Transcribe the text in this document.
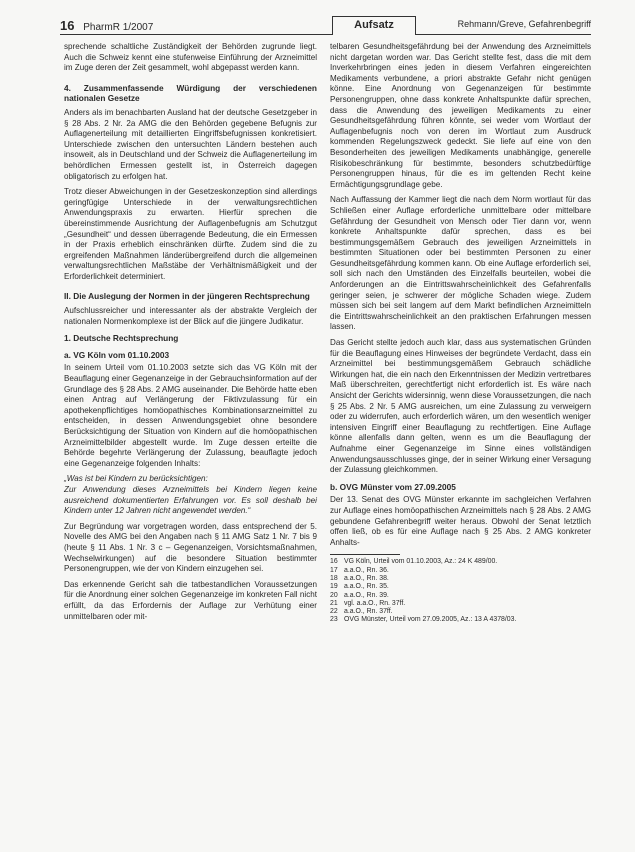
16 PharmR 1/2007	Aufsatz	Rehmann/Greve, Gefahrenbegriff

sprechende schaltliche Zuständigkeit der Behörden zugrunde liegt. Auch die Schweiz kennt eine stufenweise Einführung der Arzneimittel im Zuge deren der Zeit gesammelt, wohl abgepasst werden kann.

4. Zusammenfassende Würdigung der verschiedenen nationalen Gesetze

Anders als im benachbarten Ausland hat der deutsche Gesetzgeber in § 28 Abs. 2 Nr. 2a AMG die den Behörden gegebene Befugnis zur Auflagenerteilung mit detaillierten Eingriffsbefugnissen konkretisiert. Unterschiede zwischen den untersuchten Ländern bestehen auch insoweit, als in Deutschland und der Schweiz die Auflagenerteilung im behördlichen Ermessen gestellt ist, in Österreich dagegen obligatorisch zu erfolgen hat.

Trotz dieser Abweichungen in der Gesetzeskonzeption sind allerdings geringfügige Unterschiede in der verwaltungsrechtlichen Anwendungspraxis zu erwarten. Hierfür sprechen die übereinstimmende Ausrichtung der Auflagenbefugnis am Schutzgut „Gesundheit“ und dessen überragende Bedeutung, die ein Ermessen in der Praxis erheblich einschränken dürfte. Zudem sind die zu ergreifenden Maßnahmen länderübergreifend durch die allgemeinen verwaltungsrechtlichen Maßstäbe der Verhältnismäßigkeit und der Erforderlichkeit determiniert.

II. Die Auslegung der Normen in der jüngeren Rechtsprechung

Aufschlussreicher und interessanter als der abstrakte Vergleich der nationalen Normenkomplexe ist der Blick auf die jüngere Judikatur.

1. Deutsche Rechtsprechung
a. VG Köln vom 01.10.2003

In seinem Urteil vom 01.10.2003 setzte sich das VG Köln mit der Beauflagung einer Gegenanzeige in der Gebrauchsinformation auf der Grundlage des § 28 Abs. 2 AMG auseinander. Die Behörde hatte eben einen Antrag auf Verlängerung der Fiktivzulassung für ein apothekenpflichtiges homöopathisches Kombinationsarzneimittel zu entscheiden, in dessen Anwendungsgebiet ohne besondere Berücksichtigung der Situation von Kindern auf die homöopathischen Arzneimittelbilder abgestellt wurde. Im Zuge dessen erteilte die Behörde begehrte Verlängerung der Zulassung, beauflagte jedoch eine Gegenanzeige folgenden Inhalts:

„Was ist bei Kindern zu berücksichtigen:

Zur Anwendung dieses Arzneimittels bei Kindern liegen keine ausreichend dokumentierten Erfahrungen vor. Es soll deshalb bei Kindern unter 12 Jahren nicht angewendet werden.“

Zur Begründung war vorgetragen worden, dass entsprechend der 5. Novelle des AMG bei den Angaben nach § 11 AMG Satz 1 Nr. 7 bis 9 (heute § 11 Abs. 1 Nr. 3 c – Gegenanzeigen, Vorsichtsmaßnahmen, Wechselwirkungen) auf die besondere Situation bestimmter Personengruppen, wie der von Kindern einzugehen sei.

Das erkennende Gericht sah die tatbestandlichen Voraussetzungen für die Anordnung einer solchen Gegenanzeige im konkreten Fall nicht erfüllt, da das Erfordernis der Auflage zur Verhütung einer unmittelbaren oder mit-

telbaren Gesundheitsgefährdung bei der Anwendung des Arzneimittels nicht dargetan worden war. Das Gericht stellte fest, dass die mit dem Inverkehrbringen eines jeden in diesem Verfahren eingereichten Medikaments verbundene, a priori abstrakte Gefahr nicht genügen könne. Eine Anordnung von Gegenanzeigen für bestimmte Personengruppen, ohne dass konkrete Anhaltspunkte dafür sprechen, dass die Anwendung des jeweiligen Medikaments zu einer Gesundheitsgefährdung führen könnte, sei weder vom Wortlaut der Auflagenbefugnis noch von deren im Wortlaut zum Ausdruck kommenden Regelungszweck gedeckt. Sie liefe auf eine von den Besonderheiten des jeweiligen Medikaments unabhängige, generelle Risikobeschränkung für bestimmte, besonders schutzbedürftige Personengruppen hinaus, für die es im geltenden Recht keine Ermächtigungsgrundlage gebe.

Nach Auffassung der Kammer liegt die nach dem Norm wortlaut für das Schließen einer Auflage erforderliche unmittelbare oder mittelbare Gefährdung der Gesundheit von Mensch oder Tier dann vor, wenn konkrete Anhaltspunkte dafür sprechen, dass es bei bestimmungsgemäßem Gebrauch des jeweiligen Arzneimittels in bestimmten Situationen oder bei bestimmten Personen zu einer Gesundheitsgefährdung kommen kann. Ob eine Auflage erforderlich sei, soll sich nach den Umständen des Einzelfalls beurteilen, wobei die Anforderungen an die Eintrittswahrscheinlichkeit des Gefahrenfalls geringer seien, je schwerer der mögliche Schaden wiege. Zudem müssen sich bei seit langem auf dem Markt befindlichen Arzneimitteln die Eintrittswahrscheinlichkeit an den praktischen Erfahrungen messen lassen.

Das Gericht stellte jedoch auch klar, dass aus systematischen Gründen für die Beauflagung eines Hinweises der begründete Verdacht, dass ein Arzneimittel bei bestimmungsgemäßem Gebrauch schädliche Wirkungen hat, die ein nach den Erkenntnissen der Medizin vertretbares Maß überschreiten, gerechtfertigt nicht erforderlich ist. Es wäre nach Ansicht der Gerichts widersinnig, wenn diese Voraussetzungen, die nach § 25 Abs. 2 Nr. 5 AMG ausreichen, um eine Zulassung zu verweigern oder zu widerrufen, auch erforderlich wären, um den wesentlich weniger intensiven Eingriff einer Beauflagung zu rechtfertigen. Eine Auflage könne allenfalls dann gelten, wenn es um die Beauflagung der Aufnahme einer Gegenanzeige im Sinne eines vollständigen Anwendungsausschlusses ginge, der in seiner Wirkung einer Versagung der Zulassung gleichkommen.

b. OVG Münster vom 27.09.2005

Der 13. Senat des OVG Münster erkannte im sachgleichen Verfahren zur Auflage eines homöopathischen Arzneimittels nach § 28 Abs. 2 AMG gebundene Gefahrenbegriff weiter heraus. Obwohl der Senat letztlich offen ließ, ob es für eine Auflage nach § 25 Abs. 2 AMG konkreter Anhalts-

16 VG Köln, Urteil vom 01.10.2003, Az.: 24 K 489/00.
17 a.a.O., Rn. 36.
18 a.a.O., Rn. 38.
19 a.a.O., Rn. 35.
20 a.a.O., Rn. 39.
21 vgl. a.a.O., Rn. 37ff.
22 a.a.O., Rn. 37ff.
23 OVG Münster, Urteil vom 27.09.2005, Az.: 13 A 4378/03.
